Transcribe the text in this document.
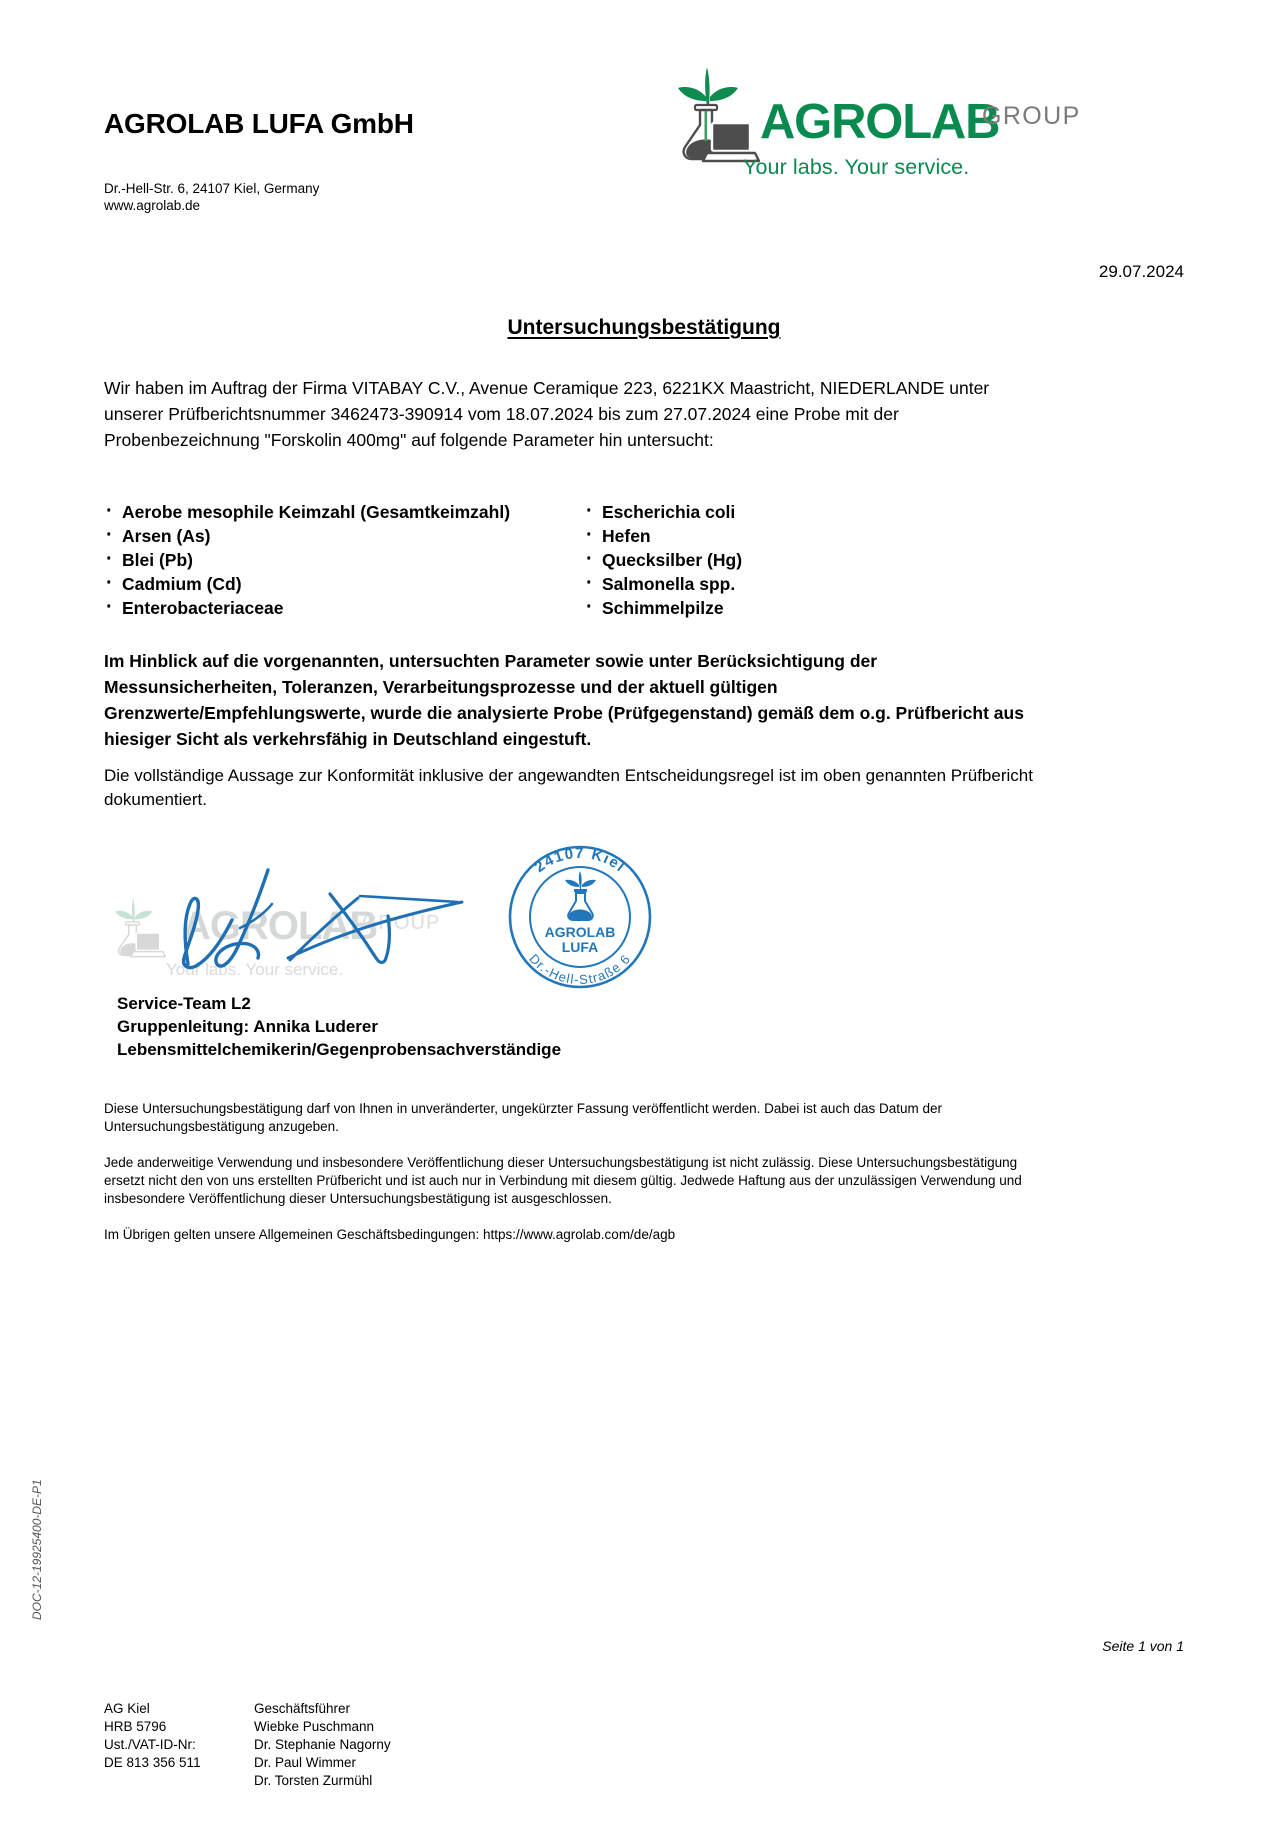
AGROLAB LUFA GmbH
Dr.-Hell-Str. 6, 24107 Kiel, Germany
www.agrolab.de
AGROLAB
GROUP
Your labs. Your service.
29.07.2024
Untersuchungsbestätigung
Wir haben im Auftrag der Firma VITABAY C.V., Avenue Ceramique 223, 6221KX Maastricht, NIEDERLANDE unter unserer Prüfberichtsnummer 3462473-390914 vom 18.07.2024 bis zum 27.07.2024 eine Probe mit der Probenbezeichnung "Forskolin 400mg" auf folgende Parameter hin untersucht:
· Aerobe mesophile Keimzahl (Gesamtkeimzahl)
· Arsen (As)
· Blei (Pb)
· Cadmium (Cd)
· Enterobacteriaceae
· Escherichia coli
· Hefen
· Quecksilber (Hg)
· Salmonella spp.
· Schimmelpilze
Im Hinblick auf die vorgenannten, untersuchten Parameter sowie unter Berücksichtigung der Messunsicherheiten, Toleranzen, Verarbeitungsprozesse und der aktuell gültigen Grenzwerte/Empfehlungswerte, wurde die analysierte Probe (Prüfgegenstand) gemäß dem o.g. Prüfbericht aus hiesiger Sicht als verkehrsfähig in Deutschland eingestuft.
Die vollständige Aussage zur Konformität inklusive der angewandten Entscheidungsregel ist im oben genannten Prüfbericht dokumentiert.
AGROLAB
GROUP
Your labs. Your service.
24107 Kiel
Dr.-Hell-Straße 6
AGROLAB
LUFA
Service-Team L2
Gruppenleitung: Annika Luderer
Lebensmittelchemikerin/Gegenprobensachverständige

Diese Untersuchungsbestätigung darf von Ihnen in unveränderter, ungekürzter Fassung veröffentlicht werden. Dabei ist auch das Datum der Untersuchungsbestätigung anzugeben.

Jede anderweitige Verwendung und insbesondere Veröffentlichung dieser Untersuchungsbestätigung ist nicht zulässig. Diese Untersuchungsbestätigung ersetzt nicht den von uns erstellten Prüfbericht und ist auch nur in Verbindung mit diesem gültig. Jedwede Haftung aus der unzulässigen Verwendung und insbesondere Veröffentlichung dieser Untersuchungsbestätigung ist ausgeschlossen.

Im Übrigen gelten unsere Allgemeinen Geschäftsbedingungen: https://www.agrolab.com/de/agb

DOC-12-19925400-DE-P1
Seite 1 von 1
AG Kiel
HRB 5796
Ust./VAT-ID-Nr:
DE 813 356 511
Geschäftsführer
Wiebke Puschmann
Dr. Stephanie Nagorny
Dr. Paul Wimmer
Dr. Torsten Zurmühl
